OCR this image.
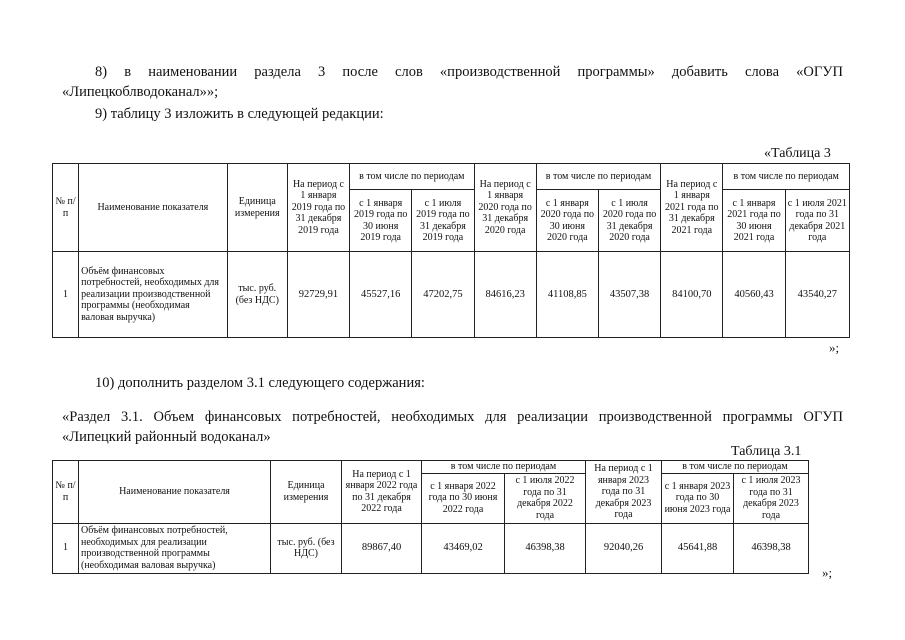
8) в наименовании раздела 3 после слов «производственной программы» добавить слова «ОГУП
«Липецкоблводоканал»»;
9) таблицу 3 изложить в следующей редакции:
«Таблица 3
№ п/п	Наименование показателя	Единица измерения	На период с 1 января 2019 года по 31 декабря 2019 года	в том числе по периодам		На период с 1 января 2020 года по 31 декабря 2020 года	в том числе по периодам		На период с 1 января 2021 года по 31 декабря 2021 года	в том числе по периодам	
				с 1 января 2019 года по 30 июня 2019 года	с 1 июля 2019 года по 31 декабря 2019 года		с 1 января 2020 года по 30 июня 2020 года	с 1 июля 2020 года по 31 декабря 2020 года		с 1 января 2021 года по 30 июня 2021 года	с 1 июля 2021 года по 31 декабря 2021 года
1	Объём финансовых потребностей, необходимых для реализации производственной программы (необходимая валовая выручка)	тыс. руб. (без НДС)	92729,91	45527,16	47202,75	84616,23	41108,85	43507,38	84100,70	40560,43	43540,27
»;
10) дополнить разделом 3.1 следующего содержания:
«Раздел 3.1. Объем финансовых потребностей, необходимых для реализации производственной программы ОГУП
«Липецкий районный водоканал»
Таблица 3.1
№ п/п	Наименование показателя	Единица измерения	На период с 1 января 2022 года по 31 декабря 2022 года	в том числе по периодам		На период с 1 января 2023 года по 31 декабря 2023 года	в том числе по периодам	
				с 1 января 2022 года по 30 июня 2022 года	с 1 июля 2022 года по 31 декабря 2022 года		с 1 января 2023 года по 30 июня 2023 года	с 1 июля 2023 года по 31 декабря 2023 года
1	Объём финансовых потребностей, необходимых для реализации производственной программы (необходимая валовая выручка)	тыс. руб. (без НДС)	89867,40	43469,02	46398,38	92040,26	45641,88	46398,38
»;
